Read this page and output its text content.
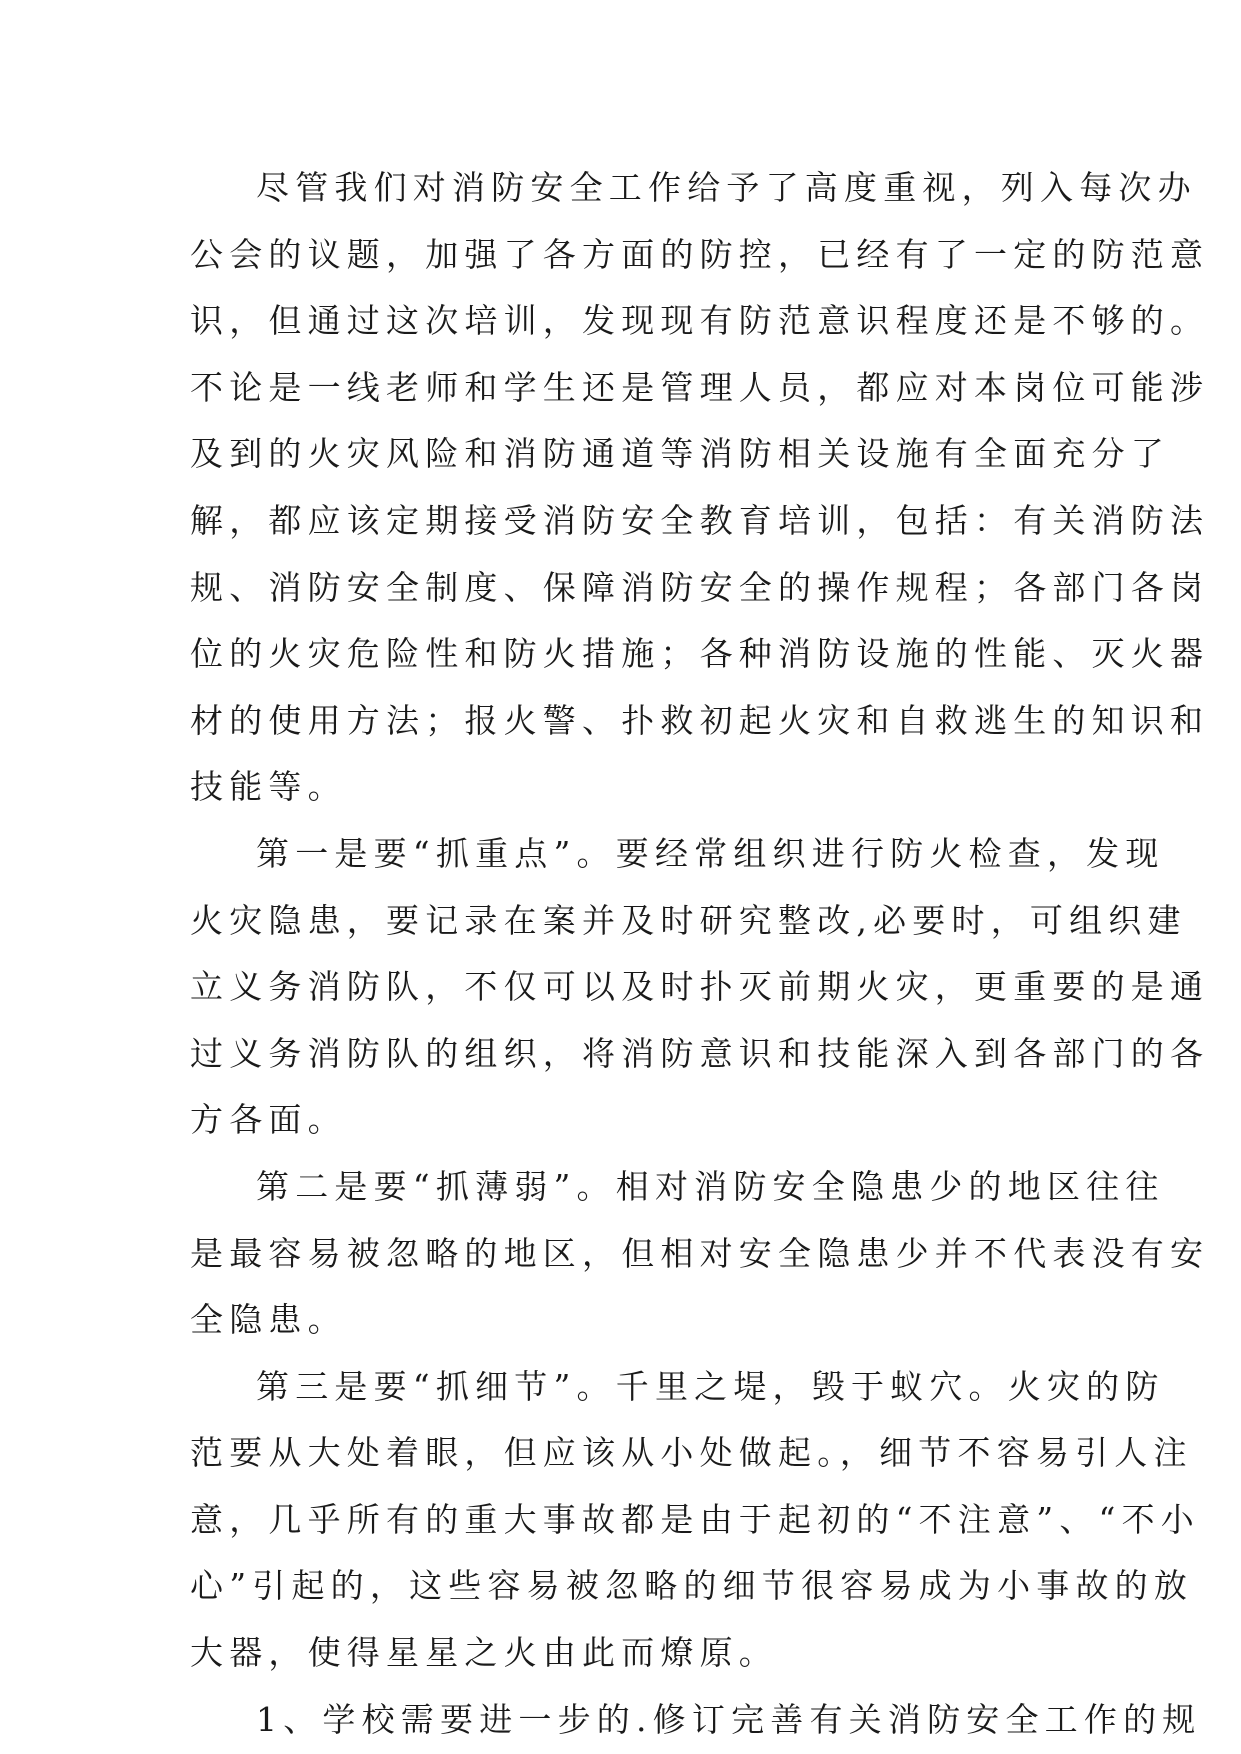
尽管我们对消防安全工作给予了高度重视，列入每次办
公会的议题，加强了各方面的防控，已经有了一定的防范意
识，但通过这次培训，发现现有防范意识程度还是不够的。
不论是一线老师和学生还是管理人员，都应对本岗位可能涉
及到的火灾风险和消防通道等消防相关设施有全面充分了
解，都应该定期接受消防安全教育培训，包括：有关消防法
规、消防安全制度、保障消防安全的操作规程；各部门各岗
位的火灾危险性和防火措施；各种消防设施的性能、灭火器
材的使用方法；报火警、扑救初起火灾和自救逃生的知识和
技能等。
第一是要“抓重点”。要经常组织进行防火检查，发现
火灾隐患，要记录在案并及时研究整改,必要时，可组织建
立义务消防队，不仅可以及时扑灭前期火灾，更重要的是通
过义务消防队的组织，将消防意识和技能深入到各部门的各
方各面。
第二是要“抓薄弱”。相对消防安全隐患少的地区往往
是最容易被忽略的地区，但相对安全隐患少并不代表没有安
全隐患。
第三是要“抓细节”。千里之堤，毁于蚁穴。火灾的防
范要从大处着眼，但应该从小处做起。，细节不容易引人注
意，几乎所有的重大事故都是由于起初的“不注意”、“不小
心”引起的，这些容易被忽略的细节很容易成为小事故的放
大器，使得星星之火由此而燎原。
1、学校需要进一步的.修订完善有关消防安全工作的规
